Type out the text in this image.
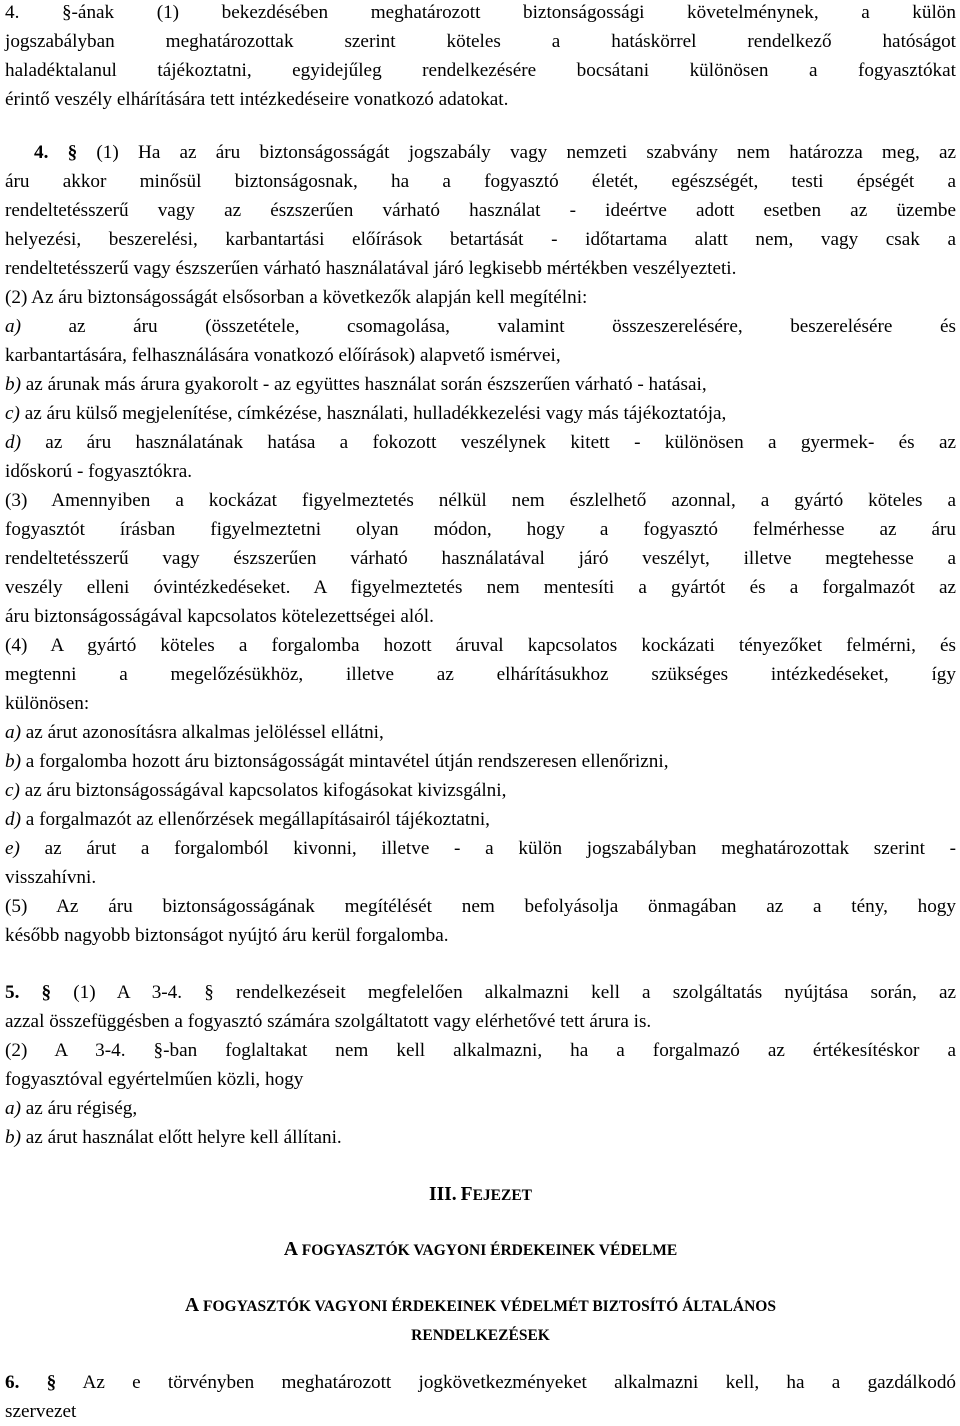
4. §-ának (1) bekezdésében meghatározott biztonságossági követelménynek, a külön
jogszabályban meghatározottak szerint köteles a hatáskörrel rendelkező hatóságot
haladéktalanul tájékoztatni, egyidejűleg rendelkezésére bocsátani különösen a fogyasztókat
érintő veszély elhárítására tett intézkedéseire vonatkozó adatokat.
4. § (1) Ha az áru biztonságosságát jogszabály vagy nemzeti szabvány nem határozza meg, az
áru akkor minősül biztonságosnak, ha a fogyasztó életét, egészségét, testi épségét a
rendeltetésszerű vagy az észszerűen várható használat - ideértve adott esetben az üzembe
helyezési, beszerelési, karbantartási előírások betartását - időtartama alatt nem, vagy csak a
rendeltetésszerű vagy észszerűen várható használatával járó legkisebb mértékben veszélyezteti.
(2) Az áru biztonságosságát elsősorban a következők alapján kell megítélni:
a) az áru (összetétele, csomagolása, valamint összeszerelésére, beszerelésére és
karbantartására, felhasználására vonatkozó előírások) alapvető ismérvei,
b) az árunak más árura gyakorolt - az együttes használat során észszerűen várható - hatásai,
c) az áru külső megjelenítése, címkézése, használati, hulladékkezelési vagy más tájékoztatója,
d) az áru használatának hatása a fokozott veszélynek kitett - különösen a gyermek- és az
időskorú - fogyasztókra.
(3) Amennyiben a kockázat figyelmeztetés nélkül nem észlelhető azonnal, a gyártó köteles a
fogyasztót írásban figyelmeztetni olyan módon, hogy a fogyasztó felmérhesse az áru
rendeltetésszerű vagy észszerűen várható használatával járó veszélyt, illetve megtehesse a
veszély elleni óvintézkedéseket. A figyelmeztetés nem mentesíti a gyártót és a forgalmazót az
áru biztonságosságával kapcsolatos kötelezettségei alól.
(4) A gyártó köteles a forgalomba hozott áruval kapcsolatos kockázati tényezőket felmérni, és
megtenni a megelőzésükhöz, illetve az elhárításukhoz szükséges intézkedéseket, így
különösen:
a) az árut azonosításra alkalmas jelöléssel ellátni,
b) a forgalomba hozott áru biztonságosságát mintavétel útján rendszeresen ellenőrizni,
c) az áru biztonságosságával kapcsolatos kifogásokat kivizsgálni,
d) a forgalmazót az ellenőrzések megállapításairól tájékoztatni,
e) az árut a forgalomból kivonni, illetve - a külön jogszabályban meghatározottak szerint -
visszahívni.
(5) Az áru biztonságosságának megítélését nem befolyásolja önmagában az a tény, hogy
később nagyobb biztonságot nyújtó áru kerül forgalomba.
5. § (1) A 3-4. § rendelkezéseit megfelelően alkalmazni kell a szolgáltatás nyújtása során, az
azzal összefüggésben a fogyasztó számára szolgáltatott vagy elérhetővé tett árura is.
(2) A 3-4. §-ban foglaltakat nem kell alkalmazni, ha a forgalmazó az értékesítéskor a
fogyasztóval egyértelműen közli, hogy
a) az áru régiség,
b) az árut használat előtt helyre kell állítani.
III. FEJEZET
A FOGYASZTÓK VAGYONI ÉRDEKEINEK VÉDELME
A FOGYASZTÓK VAGYONI ÉRDEKEINEK VÉDELMÉT BIZTOSÍTÓ ÁLTALÁNOS
RENDELKEZÉSEK
6. § Az e törvényben meghatározott jogkövetkezményeket alkalmazni kell, ha a gazdálkodó
szervezet
